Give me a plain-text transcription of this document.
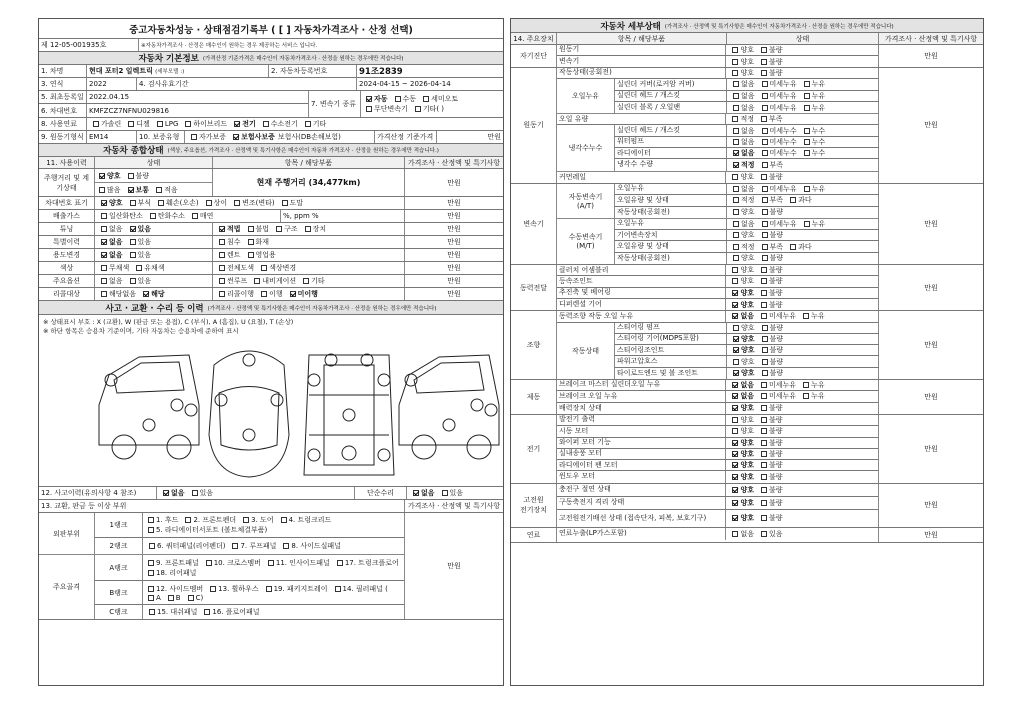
중고자동차성능 · 상태점검기록부
( [ ] 자동차가격조사 · 산정 선택)
제 12-05-001935호	※자동차가격조사 · 산정은 매수인이 원하는 경우 제공하는 서비스 입니다.
자동차 기본정보 (가격산정 기준가격은 매수인이 자동차가격조사 · 산정을 원하는 경우에만 적습니다)
1. 차명	현대 포터2 일렉트릭
(세부모델 :)	2. 자동차등록번호	91조2839
3. 연식	2022	4. 검사유효기간	2024-04-15 ~ 2026-04-14
5. 최초등록일 2022.04.15
6. 차대번호	KMFZCZ7NFNU029816
7. 변속기 종류
자동 수동 세미오토
무단변속기 기타( )
8. 사용연료	가솔린 디젤 LPG 하이브리드 전기 수소전기 기타
9. 원동기형식 EM14	10. 보증유형	자가보증 보험사보증 보험사(DB손해보험)	가격산정 기준가격	만원
자동차 종합상태 (색상, 주요옵션, 가격조사 · 산정액 및 특기사항은 매수인이 자동차 가격조사 · 산정을 원하는 경우에만 적습니다.)
11. 사용이력	상태	항목 / 해당부품	가격조사 · 산정액 및 특기사항
주행거리 및 계기상태
양호 불량
많음 보통 적음
현재 주행거리 (34,477km)	만원
차대번호 표기	양호 부식 훼손(오손) 상이 변조(변타) 도말	만원
배출가스	일산화탄소 탄화수소 매연	%, ppm %	만원
튜닝	없음 있음	적법 불법 구조 장치	만원
특별이력	없음 있음	침수 화재	만원
용도변경	없음 있음	렌트 영업용	만원
색상	무채색 유채색	전체도색 색상변경	만원
주요옵션	없음 있음	썬루프 내비게이션 기타	만원
리콜대상	해당없음 해당	리콜이행 이행 미이행	만원
사고 · 교환 · 수리 등 이력 (가격조사 · 산정액 및 특기사항은 매수인이 자동차가격조사 · 산정을 원하는 경우에만 적습니다)
※ 상태표시 부호 : X (교환), W (판금 또는 용접), C (부식), A (흠집), U (요철), T (손상)
※ 하단 항목은 승용차 기준이며, 기타 자동차는 승용차에 준하여 표시
12. 사고이력(유의사항 4 참조)	없음 있음	단순수리	없음 있음
13. 교환, 판금 등 이상 부위	가격조사 · 산정액 및 특기사항
외판부위
1랭크
1. 후드 2. 프론트펜더 3. 도어 4. 트렁크리드
5. 라디에이터서포트 (볼트체결부품)
2랭크	6. 쿼터패널(리어펜더) 7. 루프패널 8. 사이드실패널
주요골격
A랭크
9. 프론트패널 10. 크로스멤버 11. 인사이드패널 17. 트렁크플로어
18. 리어패널
B랭크	12. 사이드멤버 13. 휠하우스 19. 패키지트레이 14. 필러패널 (
A B C)
C랭크	15. 대쉬패널 16. 플로어패널
만원
자동차 세부상태 (가격조사 · 산정액 및 특기사항은 매수인이 자동차가격조사 · 산정을 원하는 경우에만 적습니다)
14. 주요장치	항목 / 해당부품	상태	가격조사 · 산정액 및 특기사항
자기진단
원동기	양호 불량
변속기	양호 불량
만원
원동기
작동상태(공회전)	양호 불량
오일누유
실린더 커버(로커암 커버)	없음 미세누유 누유
실린더 헤드 / 개스킷	없음 미세누유 누유
실린더 블록 / 오일팬	없음 미세누유 누유
오일 유량	적정 부족
냉각수누수
실린더 헤드 / 개스킷	없음 미세누수 누수
워터펌프	없음 미세누수 누수
라디에이터	없음 미세누수 누수
냉각수 수량	적정 부족
커먼레일	양호 불량
만원
변속기
자동변속기
(A/T)
오일누유	없음 미세누유 누유
오일유량 및 상태	적정 부족 과다
작동상태(공회전)	양호 불량
수동변속기
(M/T)
오일누유	없음 미세누유 누유
기어변속장치	양호 불량
오일유량 및 상태	적정 부족 과다
작동상태(공회전)	양호 불량
만원
동력전달
클러치 어셈블리	양호 불량
등속조인트	양호 불량
추진축 및 베어링	양호 불량
디퍼렌셜 기어	양호 불량
만원
조향
동력조향 작동 오일 누유	없음 미세누유 누유
작동상태
스티어링 펌프	양호 불량
스티어링 기어(MDPS포함)	양호 불량
스티어링조인트	양호 불량
파워고압호스	양호 불량
타이로드엔드 및 볼 조인트	양호 불량
만원
제동
브레이크 마스터 실린더오일 누유	없음 미세누유 누유
브레이크 오일 누유	없음 미세누유 누유
배력장치 상태	양호 불량
만원
전기
발전기 출력	양호 불량
시동 모터	양호 불량
와이퍼 모터 기능	양호 불량
실내송풍 모터	양호 불량
라디에이터 팬 모터	양호 불량
윈도우 모터	양호 불량
만원
고전원
전기장치
충전구 절연 상태	양호 불량
구동축전지 격리 상태	양호 불량
고전원전기배선 상태 (접속단자, 피복, 보호기구)	양호 불량
만원
연료	연료누출(LP가스포함)	없음 있음	만원
